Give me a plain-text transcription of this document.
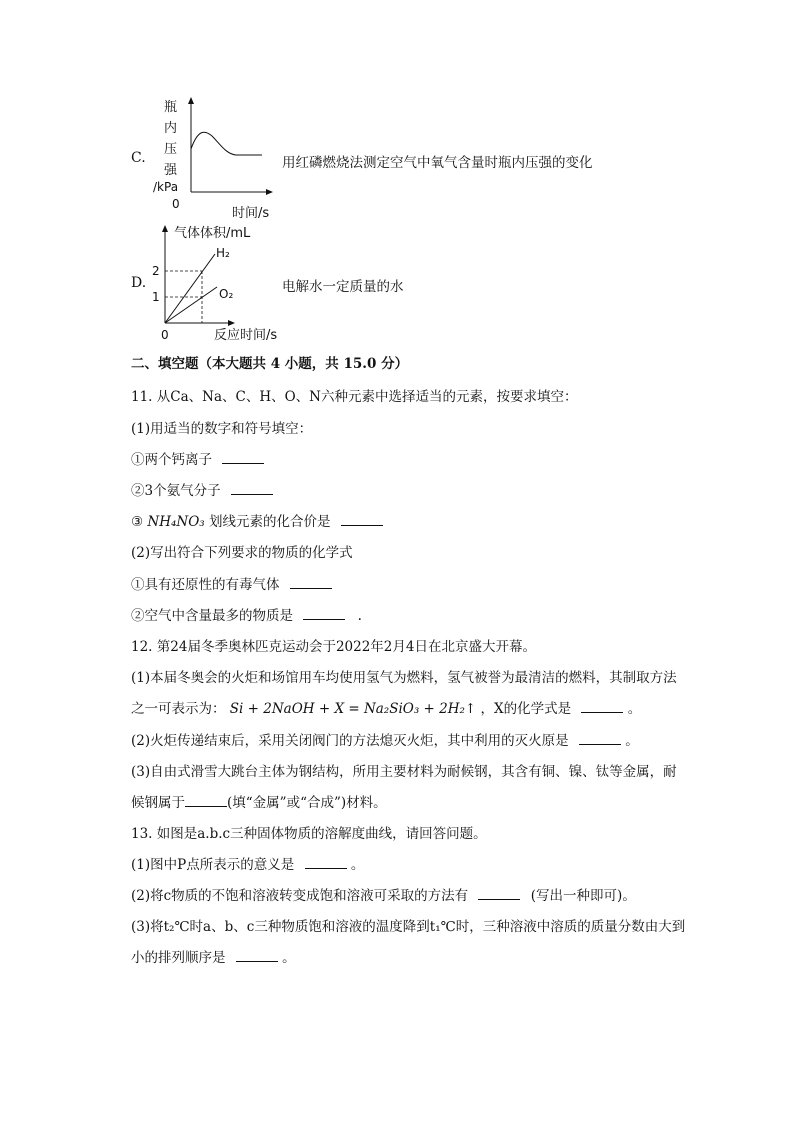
C.
瓶
内
压
强
/kPa
0
时间/s
用红磷燃烧法测定空气中氧气含量时瓶内压强的变化
D.
气体体积/mL
2
1
H₂
O₂
0	反应时间/s
电解水一定质量的水
二、填空题（本大题共 4 小题，共 15.0 分）
11. 从Ca、Na、C、H、O、N六种元素中选择适当的元素，按要求填空：
(1)用适当的数字和符号填空：
①两个钙离子
②3个氨气分子
③ NH₄NO₃ 划线元素的化合价是
(2)写出符合下列要求的物质的化学式
①具有还原性的有毒气体
②空气中含量最多的物质是	.
12. 第24届冬季奥林匹克运动会于2022年2月4日在北京盛大开幕。
(1)本届冬奥会的火炬和场馆用车均使用氢气为燃料，氢气被誉为最清洁的燃料，其制取方法
之一可表示为： Si + 2NaOH + X = Na₂SiO₃ + 2H₂↑ ，X的化学式是	。
(2)火炬传递结束后，采用关闭阀门的方法熄灭火炬，其中利用的灭火原是	。
(3)自由式滑雪大跳台主体为钢结构，所用主要材料为耐候钢，其含有铜、镍、钛等金属，耐
候钢属于	(填“金属”或“合成”)材料。
13. 如图是a.b.c三种固体物质的溶解度曲线，请回答问题。
(1)图中P点所表示的意义是	。
(2)将c物质的不饱和溶液转变成饱和溶液可采取的方法有	(写出一种即可)。
(3)将t₂℃时a、b、c三种物质饱和溶液的温度降到t₁℃时，三种溶液中溶质的质量分数由大到
小的排列顺序是	。
